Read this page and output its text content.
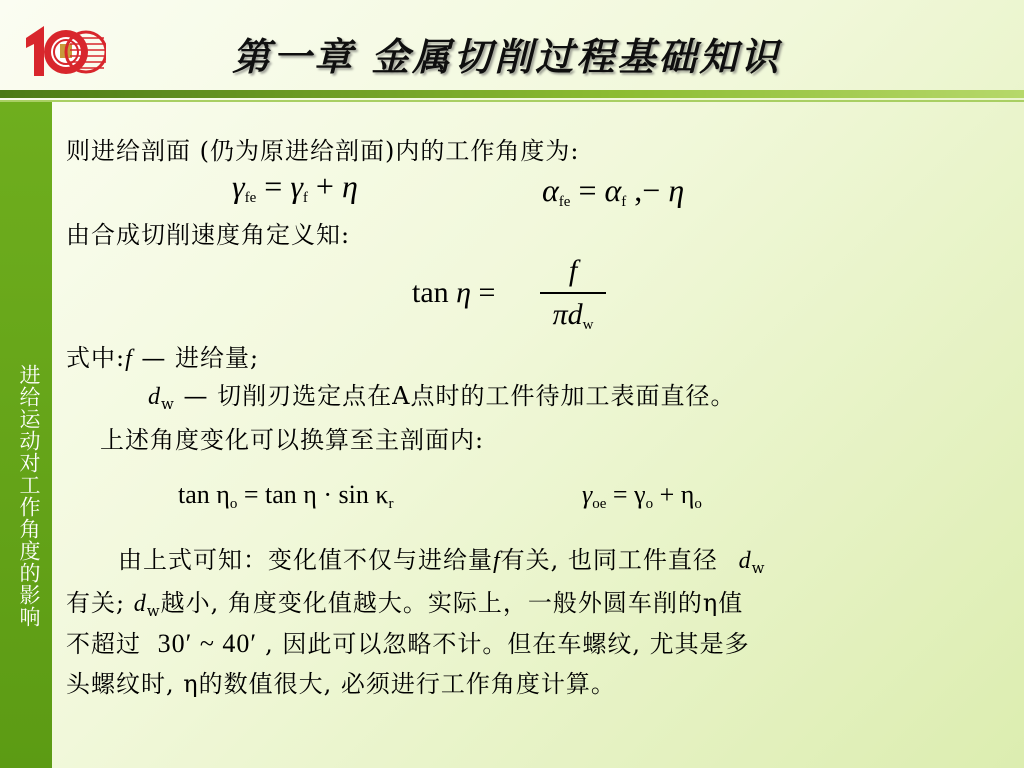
第一章 金属切削过程基础知识
进给运动对工作角度的影响
则进给剖面 (仍为原进给剖面)内的工作角度为:
$\gamma_{fe} = \gamma_f + \eta$	$\alpha_{fe} = \alpha_f$ ,− η
由合成切削速度角定义知:
tan η =
f
$\pi d_w$
式中:f — 进给量;
$d_w$ — 切削刃选定点在A点时的工件待加工表面直径。
上述角度变化可以换算至主剖面内:
$\tan \eta_o = \tan \eta \cdot \sin \kappa_r$	$\gamma_{oe} = \gamma_o + \eta_o$
由上式可知：变化值不仅与进给量f有关, 也同工件直径 $d_w$
有关; $d_w$越小, 角度变化值越大。实际上，一般外圆车削的η值
不超过 30′ ~ 40′ , 因此可以忽略不计。但在车螺纹, 尤其是多
头螺纹时, η的数值很大, 必须进行工作角度计算。
